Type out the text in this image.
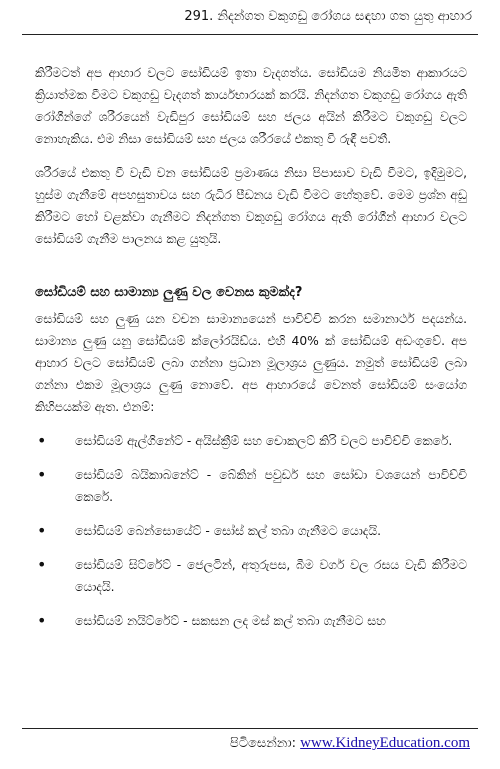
291. නිදන්ගත වකුගඩු රෝගය සඳහා ගත යුතු ආහාර

කිරීමටත් අප ආහාර වලට සෝඩියම් ඉතා වැදගත්ය. සෝඩියම නියමිත ආකාරයට ක්‍රියාත්මක වීමට වකුගඩු වැදගත් කාර්යභාරයක් කරයි. නිදන්ගත වකුගඩු රෝගය ඇති රෝගීන්ගේ ශරීරයෙන් වැඩිපුර සෝඩියම් සහ ජලය අයින් කිරීමට වකුගඩු වලට නොහැකිය. එම නිසා සෝඩියම් සහ ජලය ශරීරයේ එකතු වී රුඳී පවතී.

ශරීරයේ එකතු වී වැඩි වන සෝඩියම් ප්‍රමාණය නිසා පිපාසාව වැඩි වීමට, ඉදිමුමට, හුස්ම ගැනීමේ අපහසුතාවය සහ රුධිර පීඩනය වැඩි වීමට හේතුවේ. මෙම ප්‍රශ්න අඩු කිරීමට හෝ වළක්වා ගැනීමට නිදන්ගත වකුගඩු රෝගය ඇති රෝගීන් ආහාර වලට සෝඩියම් ගැනීම පාලනය කළ යුතුයි.

සෝඩියම් සහ සාමාන්‍ය ලුණු වල වෙනස කුමක්ද?

සෝඩියම් සහ ලුණු යන වචන සාමාන්‍යයෙන් පාවිච්චි කරන සමානාර්ථ පදයන්ය. සාමාන්‍ය ලුණු යනු සෝඩියම් ක්ලෝරයිඩ්ය. එහි 40% ක් සෝඩියම් අඩංගුවේ. අප ආහාර වලට සෝඩියම් ලබා ගන්නා ප්‍රධාන මූලාශ්‍රය ලුණුය. නමුත් සෝඩියම් ලබා ගන්නා එකම මූලාශ්‍රය ලුණු නොවේ. අප ආහාරයේ වෙනත් සෝඩියම් සංයෝග කිහිපයක්ම ඇත. එනම්:

• සෝඩියම් ඇල්ගිනේට් - අයිස්ක්‍රීම් සහ චොකලට් කිරි වලට පාවිච්චි කෙරේ.
• සෝඩියම් බයිකාබනේට් - බේකින් පවුඩර් සහ සෝඩා වශයෙන් පාවිච්චි කෙරේ.
• සෝඩියම් බෙන්සොයේට් - සෝස් කල් තබා ගැනීමට යොදයි.
• සෝඩියම් සිට්රේට් - ජෙලටින්, අතුරුපස, බීම වර්ග වල රසය වැඩි කිරීමට යොදයි.
• සෝඩියම් නයිට්රේට් - සකසන ලද මස් කල් තබා ගැනීමට සහ
පිටිසෙන්නා: www.KidneyEducation.com
